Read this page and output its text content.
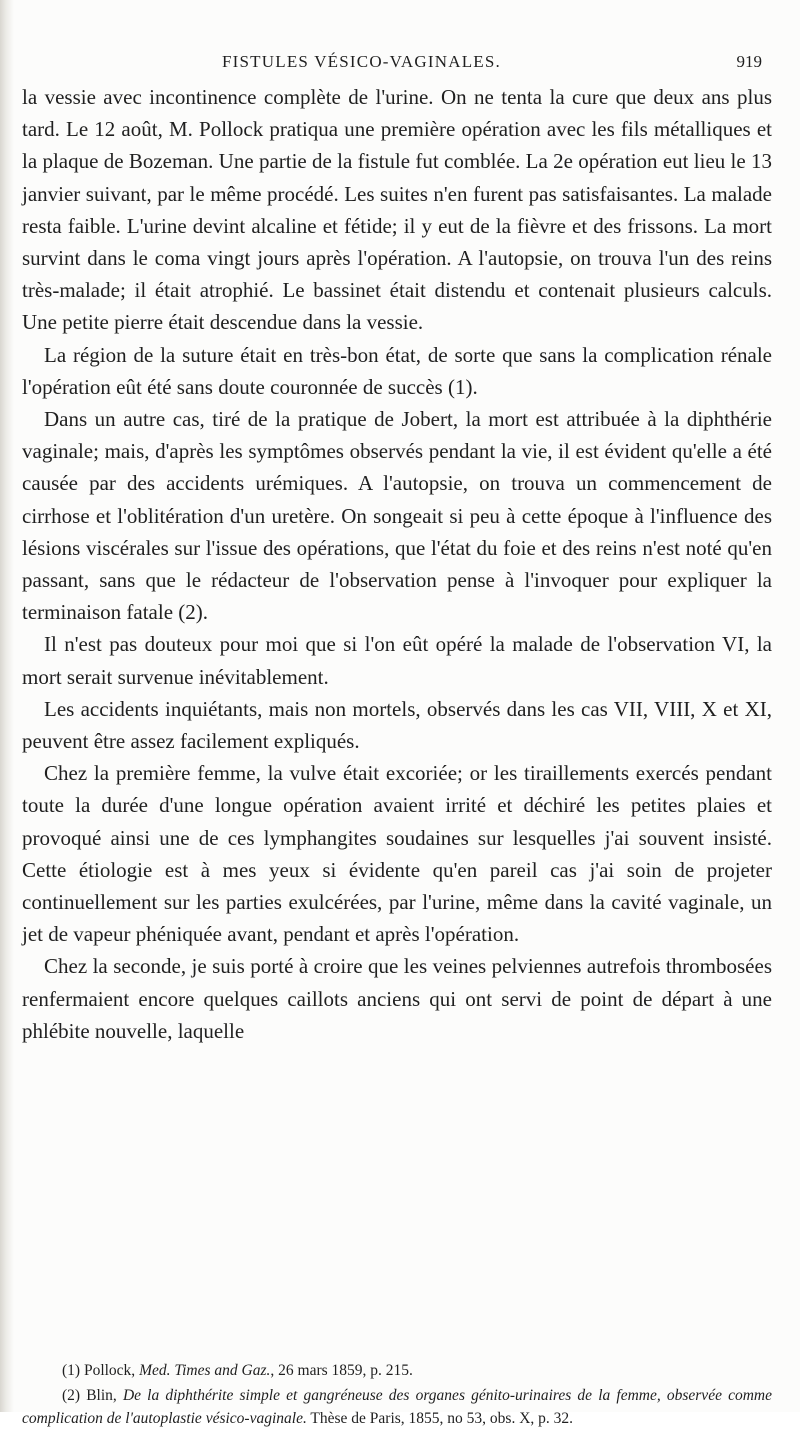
FISTULES VÉSICO-VAGINALES.	919

la vessie avec incontinence complète de l'urine. On ne tenta la cure que deux ans plus tard. Le 12 août, M. Pollock pratiqua une première opération avec les fils métalliques et la plaque de Bozeman. Une partie de la fistule fut comblée. La 2e opération eut lieu le 13 janvier suivant, par le même procédé. Les suites n'en furent pas satisfaisantes. La malade resta faible. L'urine devint alcaline et fétide; il y eut de la fièvre et des frissons. La mort survint dans le coma vingt jours après l'opération. A l'autopsie, on trouva l'un des reins très-malade; il était atrophié. Le bassinet était distendu et contenait plusieurs calculs. Une petite pierre était descendue dans la vessie.

La région de la suture était en très-bon état, de sorte que sans la complication rénale l'opération eût été sans doute couronnée de succès (1).

Dans un autre cas, tiré de la pratique de Jobert, la mort est attribuée à la diphthérie vaginale; mais, d'après les symptômes observés pendant la vie, il est évident qu'elle a été causée par des accidents urémiques. A l'autopsie, on trouva un commencement de cirrhose et l'oblitération d'un uretère. On songeait si peu à cette époque à l'influence des lésions viscérales sur l'issue des opérations, que l'état du foie et des reins n'est noté qu'en passant, sans que le rédacteur de l'observation pense à l'invoquer pour expliquer la terminaison fatale (2).

Il n'est pas douteux pour moi que si l'on eût opéré la malade de l'observation VI, la mort serait survenue inévitablement.

Les accidents inquiétants, mais non mortels, observés dans les cas VII, VIII, X et XI, peuvent être assez facilement expliqués.

Chez la première femme, la vulve était excoriée; or les tiraillements exercés pendant toute la durée d'une longue opération avaient irrité et déchiré les petites plaies et provoqué ainsi une de ces lymphangites soudaines sur lesquelles j'ai souvent insisté. Cette étiologie est à mes yeux si évidente qu'en pareil cas j'ai soin de projeter continuellement sur les parties exulcérées, par l'urine, même dans la cavité vaginale, un jet de vapeur phéniquée avant, pendant et après l'opération.

Chez la seconde, je suis porté à croire que les veines pelviennes autrefois thrombosées renfermaient encore quelques caillots anciens qui ont servi de point de départ à une phlébite nouvelle, laquelle

(1) Pollock, Med. Times and Gaz., 26 mars 1859, p. 215.

(2) Blin, De la diphthérite simple et gangréneuse des organes génito-urinaires de la femme, observée comme complication de l'autoplastie vésico-vaginale. Thèse de Paris, 1855, no 53, obs. X, p. 32.
